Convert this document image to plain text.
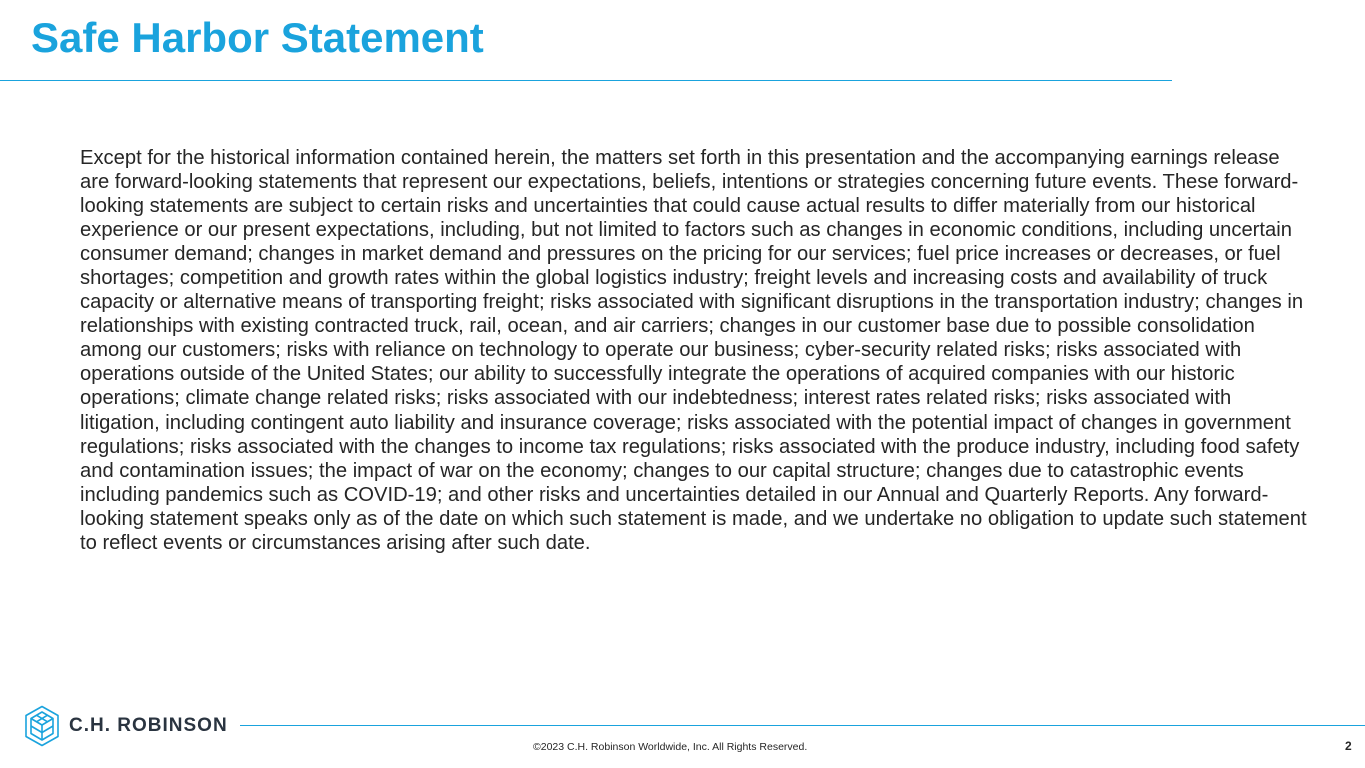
Safe Harbor Statement

Except for the historical information contained herein, the matters set forth in this presentation and the accompanying earnings release are forward-looking statements that represent our expectations, beliefs, intentions or strategies concerning future events. These forward-looking statements are subject to certain risks and uncertainties that could cause actual results to differ materially from our historical experience or our present expectations, including, but not limited to factors such as changes in economic conditions, including uncertain consumer demand; changes in market demand and pressures on the pricing for our services; fuel price increases or decreases, or fuel shortages; competition and growth rates within the global logistics industry; freight levels and increasing costs and availability of truck capacity or alternative means of transporting freight; risks associated with significant disruptions in the transportation industry; changes in relationships with existing contracted truck, rail, ocean, and air carriers; changes in our customer base due to possible consolidation among our customers; risks with reliance on technology to operate our business; cyber-security related risks; risks associated with operations outside of the United States; our ability to successfully integrate the operations of acquired companies with our historic operations; climate change related risks; risks associated with our indebtedness; interest rates related risks; risks associated with litigation, including contingent auto liability and insurance coverage; risks associated with the potential impact of changes in government regulations; risks associated with the changes to income tax regulations; risks associated with the produce industry, including food safety and contamination issues; the impact of war on the economy; changes to our capital structure; changes due to catastrophic events including pandemics such as COVID-19; and other risks and uncertainties detailed in our Annual and Quarterly Reports. Any forward-looking statement speaks only as of the date on which such statement is made, and we undertake no obligation to update such statement to reflect events or circumstances arising after such date.

C.H. ROBINSON
©2023 C.H. Robinson Worldwide, Inc. All Rights Reserved.	2
